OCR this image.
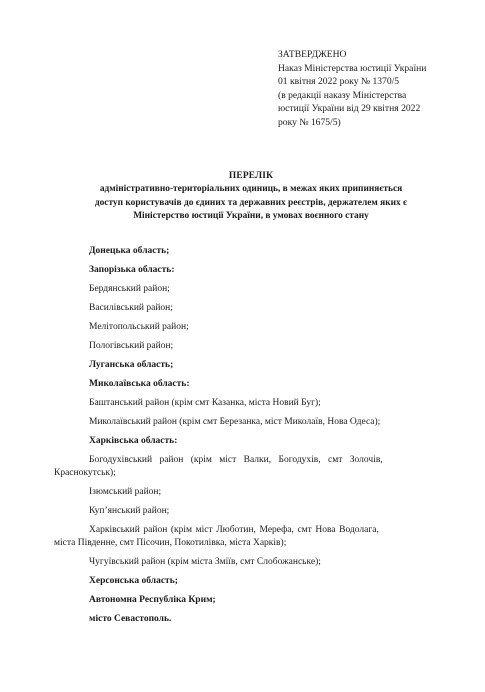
ЗАТВЕРДЖЕНО
Наказ Міністерства юстиції України
01 квітня 2022 року № 1370/5
(в редакції наказу Міністерства
юстиції України від 29 квітня 2022
року № 1675/5)
ПЕРЕЛІК
адміністративно-територіальних одиниць, в межах яких припиняється
доступ користувачів до єдиних та державних реєстрів, держателем яких є
Міністерство юстиції України, в умовах воєнного стану
Донецька область;
Запорізька область:
Бердянський район;
Василівський район;
Мелітопольський район;
Пологівський район;
Луганська область;
Миколаївська область:
Баштанський район (крім смт Казанка, міста Новий Буг);
Миколаївський район (крім смт Березанка, міст Миколаїв, Нова Одеса);
Харківська область:
Богодухівський район (крім міст Валки, Богодухів, смт Золочів,
Краснокутськ);
Ізюмський район;
Куп’янський район;
Харківський район (крім міст Люботин, Мерефа, смт Нова Водолага,
міста Південне, смт Пісочин, Покотилівка, міста Харків);
Чугуївський район (крім міста Зміїв, смт Слобожанське);
Херсонська область;
Автономна Республіка Крим;
місто Севастополь.
